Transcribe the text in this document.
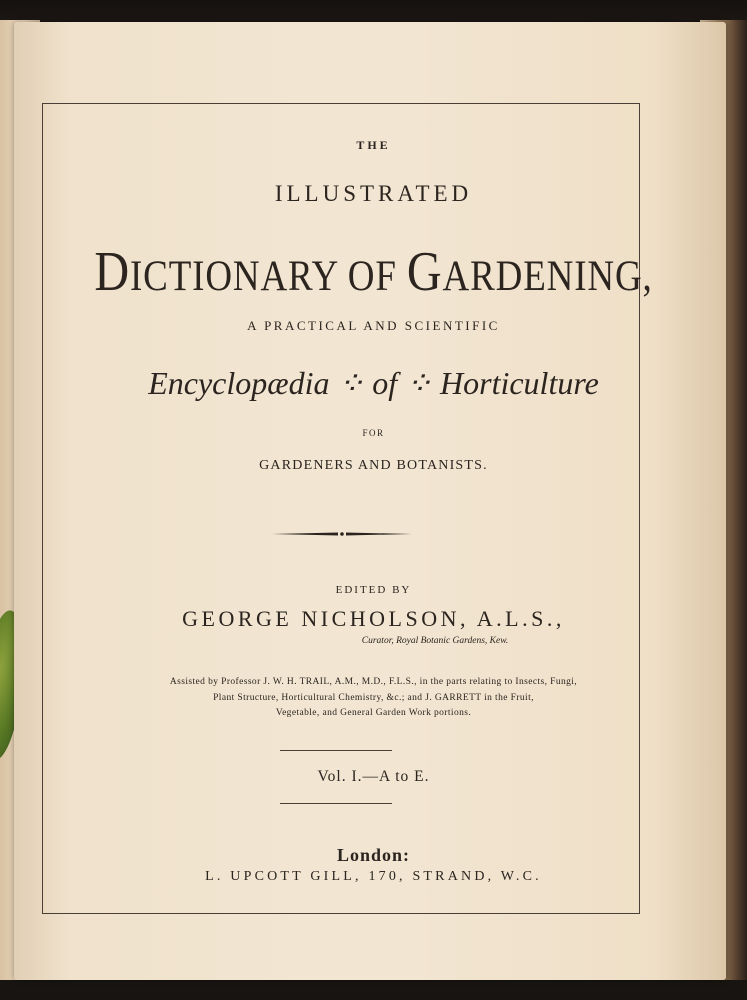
THE
ILLUSTRATED
DICTIONARY OF GARDENING,
A PRACTICAL AND SCIENTIFIC
Encyclopædia ⁘ of ⁘ Horticulture
FOR
GARDENERS AND BOTANISTS.
EDITED BY
GEORGE NICHOLSON, A.L.S.,
Curator, Royal Botanic Gardens, Kew.
Assisted by Professor J. W. H. TRAIL, A.M., M.D., F.L.S., in the parts relating to Insects, Fungi,
Plant Structure, Horticultural Chemistry, &c.; and J. GARRETT in the Fruit,
Vegetable, and General Garden Work portions.
Vol. I.—A to E.
London:
L. UPCOTT GILL, 170, STRAND, W.C.
